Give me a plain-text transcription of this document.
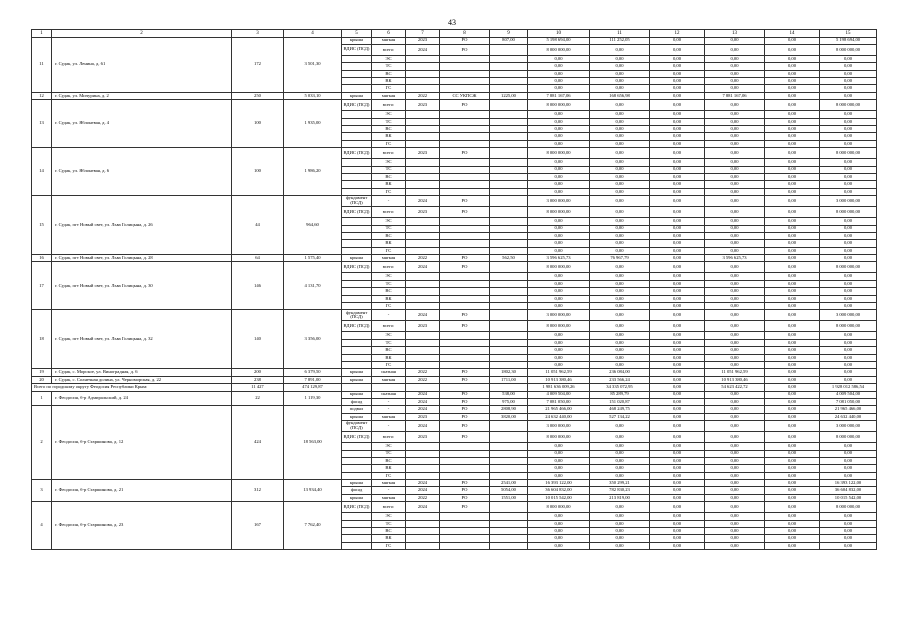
43
1	2	3	4	5	6	7	8	9	10	11	12	13	14	15
11	г. Судак, ул. Ленина, д. 61	172	3 501,30	крыша	мягкая	2023	РО	807,00	5 198 694,00	111 252,05	0,00	0,00	0,00	5 198 694,00
				ВДИС (ПСД)	всего:	2024	РО		8 000 000,00	0,00	0,00	0,00	0,00	8 000 000,00
					ЭС				0,00	0,00	0,00	0,00	0,00	0,00
					ТС				0,00	0,00	0,00	0,00	0,00	0,00
					ВС				0,00	0,00	0,00	0,00	0,00	0,00
					ВК				0,00	0,00	0,00	0,00	0,00	0,00
					ГС				0,00	0,00	0,00	0,00	0,00	0,00
12	г. Судак, ул. Мичурина, д. 2	250	5 033,10	крыша	мягкая	2022	СС УКПСЖ	1225,00	7 881 167,06	168 656,98	0,00	7 881 167,06	0,00	0,00
13	г. Судак, ул. Яблоневая, д. 4	100	1 935,00	ВДИС (ПСД)	всего:	2023	РО		8 000 000,00	0,00	0,00	0,00	0,00	8 000 000,00
					ЭС				0,00	0,00	0,00	0,00	0,00	0,00
					ТС				0,00	0,00	0,00	0,00	0,00	0,00
					ВС				0,00	0,00	0,00	0,00	0,00	0,00
					ВК				0,00	0,00	0,00	0,00	0,00	0,00
					ГС				0,00	0,00	0,00	0,00	0,00	0,00
14	г. Судак, ул. Яблоневая, д. 6	100	1 986,20	ВДИС (ПСД)	всего:	2023	РО		8 000 000,00	0,00	0,00	0,00	0,00	8 000 000,00
					ЭС				0,00	0,00	0,00	0,00	0,00	0,00
					ТС				0,00	0,00	0,00	0,00	0,00	0,00
					ВС				0,00	0,00	0,00	0,00	0,00	0,00
					ВК				0,00	0,00	0,00	0,00	0,00	0,00
					ГС				0,00	0,00	0,00	0,00	0,00	0,00
15	г. Судак, пгт Новый свет, ул. Льва Голицына, д. 26	44	964,60	фундамент (ПСД)	-	2024	РО		3 000 000,00	0,00	0,00	0,00	0,00	3 000 000,00
				ВДИС (ПСД)	всего:	2023	РО		8 000 000,00	0,00	0,00	0,00	0,00	8 000 000,00
					ЭС				0,00	0,00	0,00	0,00	0,00	0,00
					ТС				0,00	0,00	0,00	0,00	0,00	0,00
					ВС				0,00	0,00	0,00	0,00	0,00	0,00
					ВК				0,00	0,00	0,00	0,00	0,00	0,00
					ГС				0,00	0,00	0,00	0,00	0,00	0,00
16	г. Судак, пгт Новый свет, ул. Льва Голицына, д. 28	64	1 575,40	крыша	мягкая	2022	РО	562,50	3 596 625,73	76 967,79	0,00	3 596 625,73	0,00	0,00
17	г. Судак, пгт Новый свет, ул. Льва Голицына, д. 30	146	4 131,70	ВДИС (ПСД)	всего:	2024	РО		8 000 000,00	0,00	0,00	0,00	0,00	8 000 000,00
					ЭС				0,00	0,00	0,00	0,00	0,00	0,00
					ТС				0,00	0,00	0,00	0,00	0,00	0,00
					ВС				0,00	0,00	0,00	0,00	0,00	0,00
					ВК				0,00	0,00	0,00	0,00	0,00	0,00
					ГС				0,00	0,00	0,00	0,00	0,00	0,00
18	г. Судак, пгт Новый свет, ул. Льва Голицына, д. 32	140	3 356,00	фундамент (ПСД)	-	2024	РО		3 000 000,00	0,00	0,00	0,00	0,00	3 000 000,00
				ВДИС (ПСД)	всего:	2023	РО		8 000 000,00	0,00	0,00	0,00	0,00	8 000 000,00
					ЭС				0,00	0,00	0,00	0,00	0,00	0,00
					ТС				0,00	0,00	0,00	0,00	0,00	0,00
					ВС				0,00	0,00	0,00	0,00	0,00	0,00
					ВК				0,00	0,00	0,00	0,00	0,00	0,00
					ГС				0,00	0,00	0,00	0,00	0,00	0,00
19	г. Судак, с. Морское, ул. Виноградная, д. 6	200	6 379,50	крыша	скатная	2022	РО	1802,30	11 051 962,59	236 084,00	0,00	11 051 962,59	0,00	0,00
20	г. Судак, с. Солнечная долина, ул. Черноморская, д. 22	238	7 891,00	крыша	мягкая	2022	РО	1711,00	10 913 380,46	233 566,24	0,00	10 913 380,46	0,00	0,00
Всего по городскому округу Феодосия Республики Крым:		11 427	474 129,87						1 981 636 009,26	34 335 072,95	0,00	54 623 422,72	0,00	1 928 012 586,54
1	г. Феодосия, б-р Адмиральский, д. 24	22	1 119,30	крыша	скатная	2024	РО	538,00	4 009 504,00	85 289,79	0,00	0,00	0,00	4 009 504,00
				фасад	-	2024	РО	975,00	7 081 050,00	151 020,87	0,00	0,00	0,00	7 081 050,00
2	г. Феодосия, б-р Старшинова, д. 12	424	18 563,00	подвал	-	2024	РО	2808,90	21 965 466,00	468 249,75	0,00	0,00	0,00	21 965 466,00
				крыша	мягкая	2023	РО	3820,00	24 632 440,00	527 134,22	0,00	0,00	0,00	24 632 440,00
				фундамент (ПСД)	-	2024	РО		3 000 000,00	0,00	0,00	0,00	0,00	3 000 000,00
				ВДИС (ПСД)	всего:	2023	РО		8 000 000,00	0,00	0,00	0,00	0,00	8 000 000,00
					ЭС				0,00	0,00	0,00	0,00	0,00	0,00
					ТС				0,00	0,00	0,00	0,00	0,00	0,00
					ВС				0,00	0,00	0,00	0,00	0,00	0,00
					ВК				0,00	0,00	0,00	0,00	0,00	0,00
					ГС				0,00	0,00	0,00	0,00	0,00	0,00
3	г. Феодосия, б-р Старшинова, д. 21	312	13 934,40	крыша	мягкая	2024	РО	2541,00	16 393 122,00	350 299,21	0,00	0,00	0,00	16 393 122,00
				фасад	-	2024	РО	5054,00	36 604 832,00	782 830,23	0,00	0,00	0,00	36 604 832,00
				крыша	мягкая	2022	РО	1551,00	10 015 542,00	213 819,00	0,00	0,00	0,00	10 015 542,00
4	г. Феодосия, б-р Старшинова, д. 23	167	7 762,40	ВДИС (ПСД)	всего:	2024	РО		8 000 000,00	0,00	0,00	0,00	0,00	8 000 000,00
					ЭС				0,00	0,00	0,00	0,00	0,00	0,00
					ТС				0,00	0,00	0,00	0,00	0,00	0,00
					ВС				0,00	0,00	0,00	0,00	0,00	0,00
					ВК				0,00	0,00	0,00	0,00	0,00	0,00
					ГС				0,00	0,00	0,00	0,00	0,00	0,00
